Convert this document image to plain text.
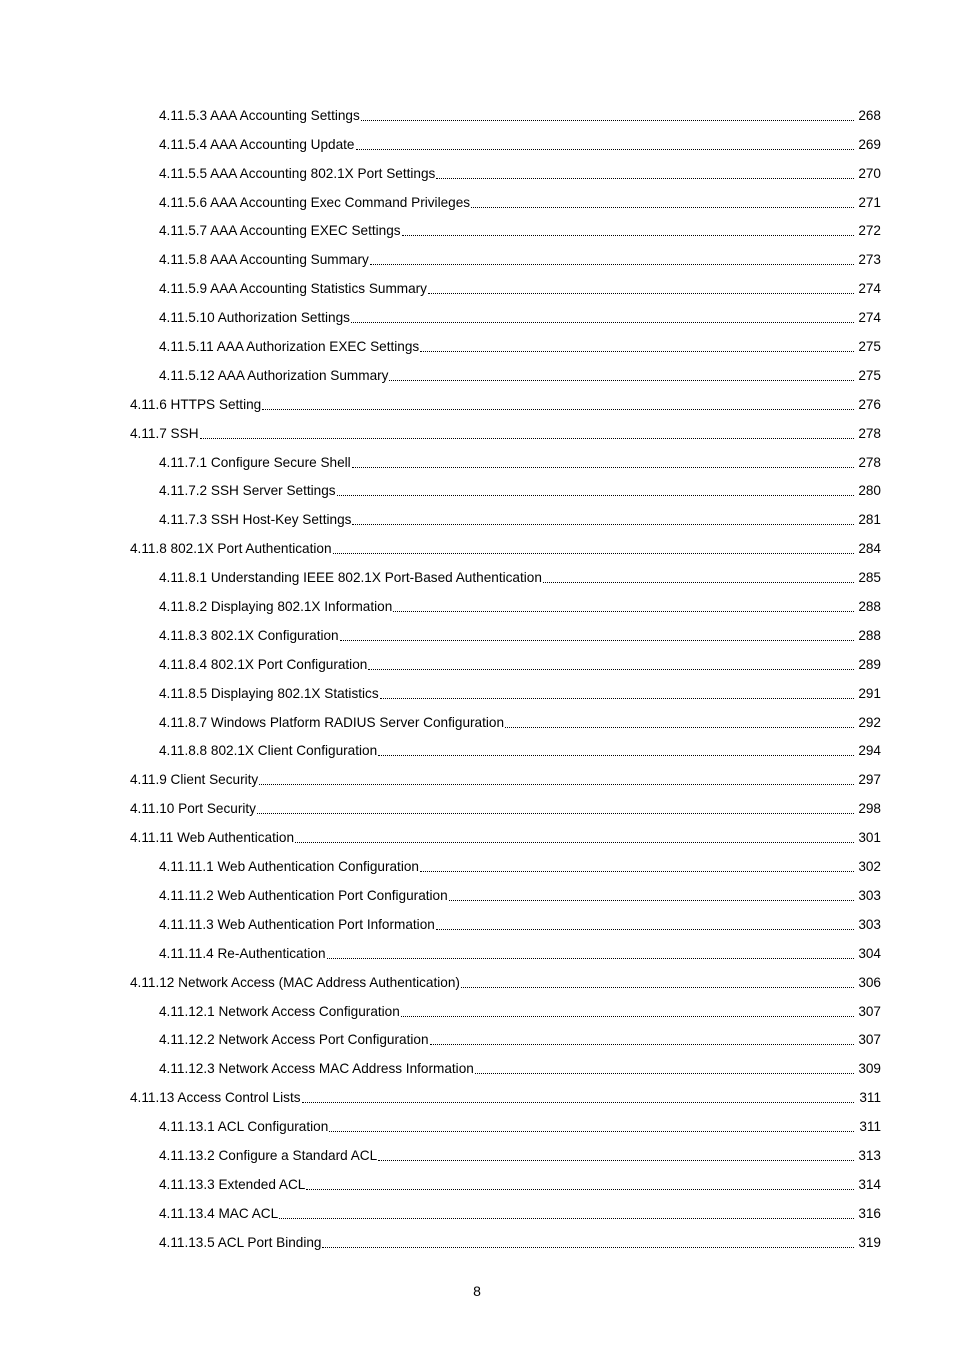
4.11.5.3 AAA Accounting Settings	268
4.11.5.4 AAA Accounting Update	269
4.11.5.5 AAA Accounting 802.1X Port Settings	270
4.11.5.6 AAA Accounting Exec Command Privileges	271
4.11.5.7 AAA Accounting EXEC Settings	272
4.11.5.8 AAA Accounting Summary	273
4.11.5.9 AAA Accounting Statistics Summary	274
4.11.5.10 Authorization Settings	274
4.11.5.11 AAA Authorization EXEC Settings	275
4.11.5.12 AAA Authorization Summary	275
4.11.6 HTTPS Setting	276
4.11.7 SSH	278
4.11.7.1 Configure Secure Shell	278
4.11.7.2 SSH Server Settings	280
4.11.7.3 SSH Host-Key Settings	281
4.11.8 802.1X Port Authentication	284
4.11.8.1 Understanding IEEE 802.1X Port-Based Authentication	285
4.11.8.2 Displaying 802.1X Information	288
4.11.8.3 802.1X Configuration	288
4.11.8.4 802.1X Port Configuration	289
4.11.8.5 Displaying 802.1X Statistics	291
4.11.8.7 Windows Platform RADIUS Server Configuration	292
4.11.8.8 802.1X Client Configuration	294
4.11.9 Client Security	297
4.11.10 Port Security	298
4.11.11 Web Authentication	301
4.11.11.1 Web Authentication Configuration	302
4.11.11.2 Web Authentication Port Configuration	303
4.11.11.3 Web Authentication Port Information	303
4.11.11.4 Re-Authentication	304
4.11.12 Network Access (MAC Address Authentication)	306
4.11.12.1 Network Access Configuration	307
4.11.12.2 Network Access Port Configuration	307
4.11.12.3 Network Access MAC Address Information	309
4.11.13 Access Control Lists	311
4.11.13.1 ACL Configuration	311
4.11.13.2 Configure a Standard ACL	313
4.11.13.3 Extended ACL	314
4.11.13.4 MAC ACL	316
4.11.13.5 ACL Port Binding	319
8
